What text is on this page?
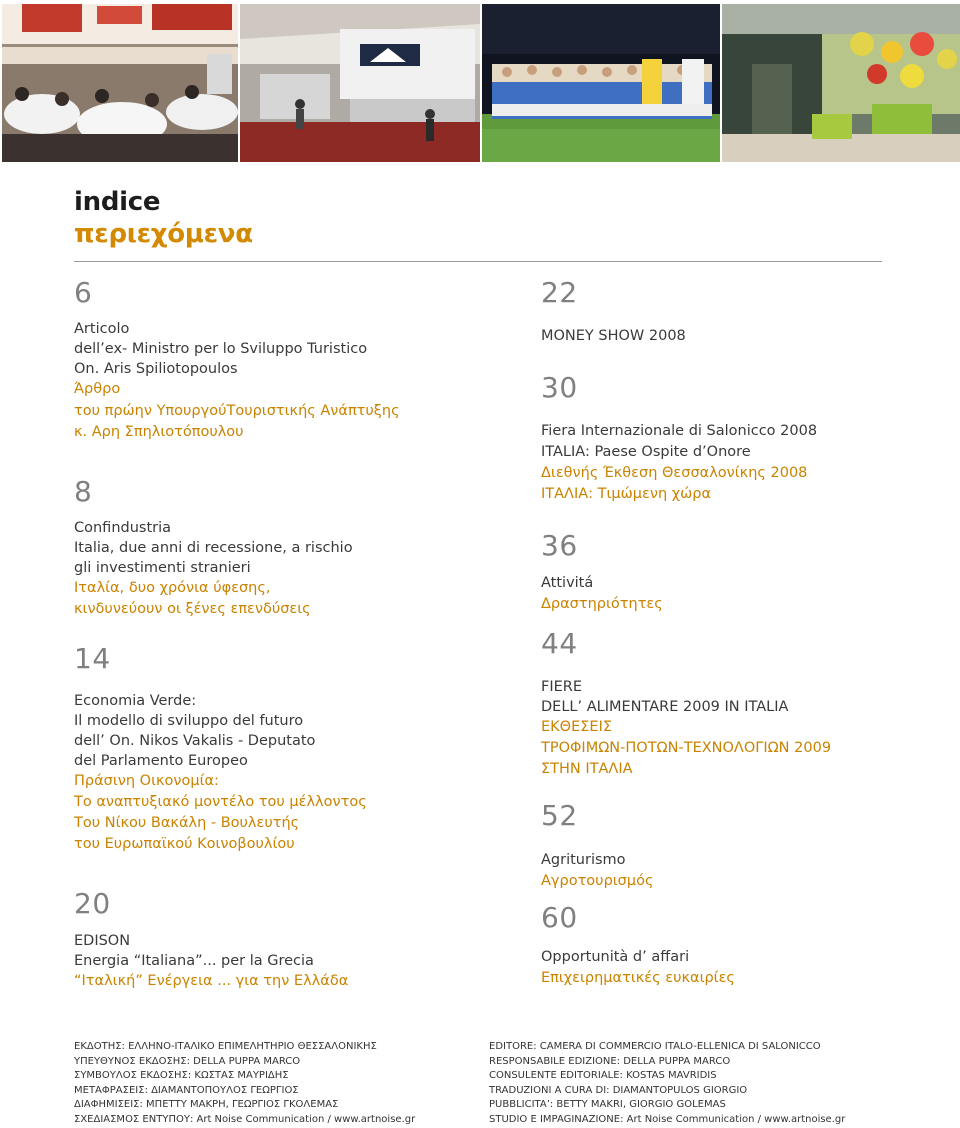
indice
περιεχόμενα
6
Articolo
dell’ex- Ministro per lo Sviluppo Turistico
On. Aris Spiliotopoulos
Άρθρο
του πρώην ΥπουργούΤουριστικής Ανάπτυξης
κ. Αρη Σπηλιοτόπουλου
8
Confindustria
Italia, due anni di recessione, a rischio
gli investimenti stranieri
Ιταλία, δυο χρόνια ύφεσης,
κινδυνεύουν οι ξένες επενδύσεις
14
Economia Verde:
Il modello di sviluppo del futuro
dell’ On. Nikos Vakalis - Deputato
del Parlamento Europeo
Πράσινη Οικονομία:
Το αναπτυξιακό μοντέλο του μέλλοντος
Του Νίκου Βακάλη - Βουλευτής
του Ευρωπαϊκού Κοινοβουλίου
20
EDISON
Energia “Italiana”... per la Grecia
“Ιταλική” Ενέργεια ... για την Ελλάδα
22
MONEY SHOW 2008
30
Fiera Internazionale di Salonicco 2008
ITALIA: Paese Ospite d’Onore
Διεθνής Έκθεση Θεσσαλονίκης 2008
ΙΤΑΛΙΑ: Τιμώμενη χώρα
36
Attivitá
Δραστηριότητες
44
FIERE
DELL’ ALIMENTARE 2009 IN ITALIA
ΕΚΘΕΣΕΙΣ
ΤΡΟΦΙΜΩΝ-ΠΟΤΩΝ-ΤΕΧΝΟΛΟΓΙΩΝ 2009
ΣΤΗΝ ΙΤΑΛΙΑ
52
Agriturismo
Αγροτουρισμός
60
Opportunità d’ affari
Επιχειρηματικές ευκαιρίες
ΕΚΔΟΤΗΣ: ΕΛΛΗΝΟ-ΙΤΑΛΙΚΟ ΕΠΙΜΕΛΗΤΗΡΙΟ ΘΕΣΣΑΛΟΝΙΚΗΣ
ΥΠΕΥΘΥΝΟΣ ΕΚΔΟΣΗΣ: DELLA PUPPA MARCO
ΣΥΜΒΟΥΛΟΣ ΕΚΔΟΣΗΣ: ΚΩΣΤΑΣ ΜΑΥΡΙΔΗΣ
ΜΕΤΑΦΡΑΣΕΙΣ: ΔΙΑΜΑΝΤΟΠΟΥΛΟΣ ΓΕΩΡΓΙΟΣ
ΔΙΑΦΗΜΙΣΕΙΣ: ΜΠΕΤΤΥ ΜΑΚΡΗ, ΓΕΩΡΓΙΟΣ ΓΚΟΛΕΜΑΣ
ΣΧΕΔΙΑΣΜΟΣ ΕΝΤΥΠΟΥ: Art Noise Communication / www.artnoise.gr
EDITORE: CAMERA DI COMMERCIO ITALO-ELLENICA DI SALONICCO
RESPONSABILE EDIZIONE: DELLA PUPPA MARCO
CONSULENTE EDITORIALE: KOSTAS MAVRIDIS
TRADUZIONI A CURA DI: DIAMANTOPULOS GIORGIO
PUBBLICITA’: BETTY MAKRI, GIORGIO GOLEMAS
STUDIO E IMPAGINAZIONE: Art Noise Communication / www.artnoise.gr
